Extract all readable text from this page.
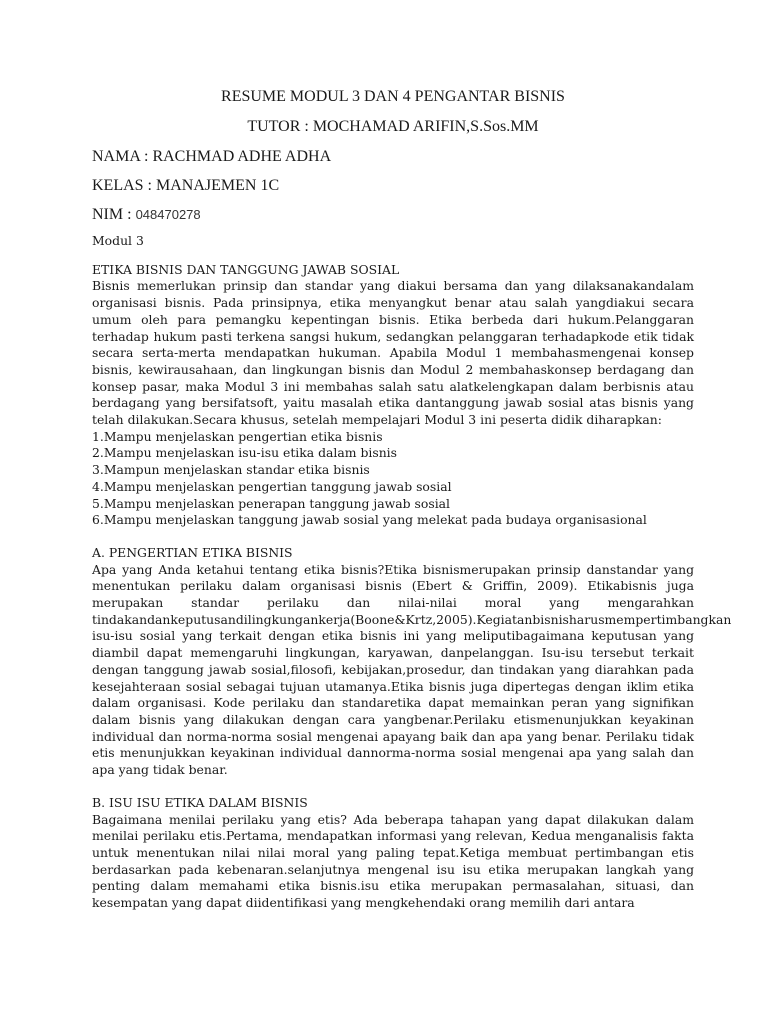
RESUME MODUL 3 DAN 4 PENGANTAR BISNIS

TUTOR : MOCHAMAD ARIFIN,S.Sos.MM

NAMA : RACHMAD ADHE ADHA

KELAS : MANAJEMEN 1C

NIM : 048470278

Modul 3
ETIKA BISNIS DAN TANGGUNG JAWAB SOSIAL

Bisnis memerlukan prinsip dan standar yang diakui bersama dan yang dilaksanakandalam organisasi bisnis. Pada prinsipnya, etika menyangkut benar atau salah yangdiakui secara umum oleh para pemangku kepentingan bisnis. Etika berbeda dari hukum.Pelanggaran terhadap hukum pasti terkena sangsi hukum, sedangkan pelanggaran terhadapkode etik tidak secara serta-merta mendapatkan hukuman. Apabila Modul 1 membahasmengenai konsep bisnis, kewirausahaan, dan lingkungan bisnis dan Modul 2 membahaskonsep berdagang dan konsep pasar, maka Modul 3 ini membahas salah satu alatkelengkapan dalam berbisnis atau berdagang yang bersifatsoft, yaitu masalah etika dantanggung jawab sosial atas bisnis yang telah dilakukan.Secara khusus, setelah mempelajari Modul 3 ini peserta didik diharapkan:

1.Mampu menjelaskan pengertian etika bisnis
2.Mampu menjelaskan isu-isu etika dalam bisnis
3.Mampun menjelaskan standar etika bisnis
4.Mampu menjelaskan pengertian tanggung jawab sosial
5.Mampu menjelaskan penerapan tanggung jawab sosial
6.Mampu menjelaskan tanggung jawab sosial yang melekat pada budaya organisasional
A. PENGERTIAN ETIKA BISNIS

Apa yang Anda ketahui tentang etika bisnis?Etika bisnismerupakan prinsip danstandar yang menentukan perilaku dalam organisasi bisnis (Ebert & Griffin, 2009). Etikabisnis juga merupakan standar perilaku dan nilai-nilai moral yang mengarahkan tindakandankeputusandilingkungankerja(Boone&Krtz,2005).Kegiatanbisnisharusmempertimbangkan isu-isu sosial yang terkait dengan etika bisnis ini yang meliputibagaimana keputusan yang diambil dapat memengaruhi lingkungan, karyawan, danpelanggan. Isu-isu tersebut terkait dengan tanggung jawab sosial,filosofi, kebijakan,prosedur, dan tindakan yang diarahkan pada kesejahteraan sosial sebagai tujuan utamanya.Etika bisnis juga dipertegas dengan iklim etika dalam organisasi. Kode perilaku dan standaretika dapat memainkan peran yang signifikan dalam bisnis yang dilakukan dengan cara yangbenar.Perilaku etismenunjukkan keyakinan individual dan norma-norma sosial mengenai apayang baik dan apa yang benar. Perilaku tidak etis menunjukkan keyakinan individual dannorma-norma sosial mengenai apa yang salah dan apa yang tidak benar.

B. ISU ISU ETIKA DALAM BISNIS

Bagaimana menilai perilaku yang etis? Ada beberapa tahapan yang dapat dilakukan dalam menilai perilaku etis.Pertama, mendapatkan informasi yang relevan, Kedua menganalisis fakta untuk menentukan nilai nilai moral yang paling tepat.Ketiga membuat pertimbangan etis berdasarkan pada kebenaran.selanjutnya mengenal isu isu etika merupakan langkah yang penting dalam memahami etika bisnis.isu etika merupakan permasalahan, situasi, dan kesempatan yang dapat diidentifikasi yang mengkehendaki orang memilih dari antara
